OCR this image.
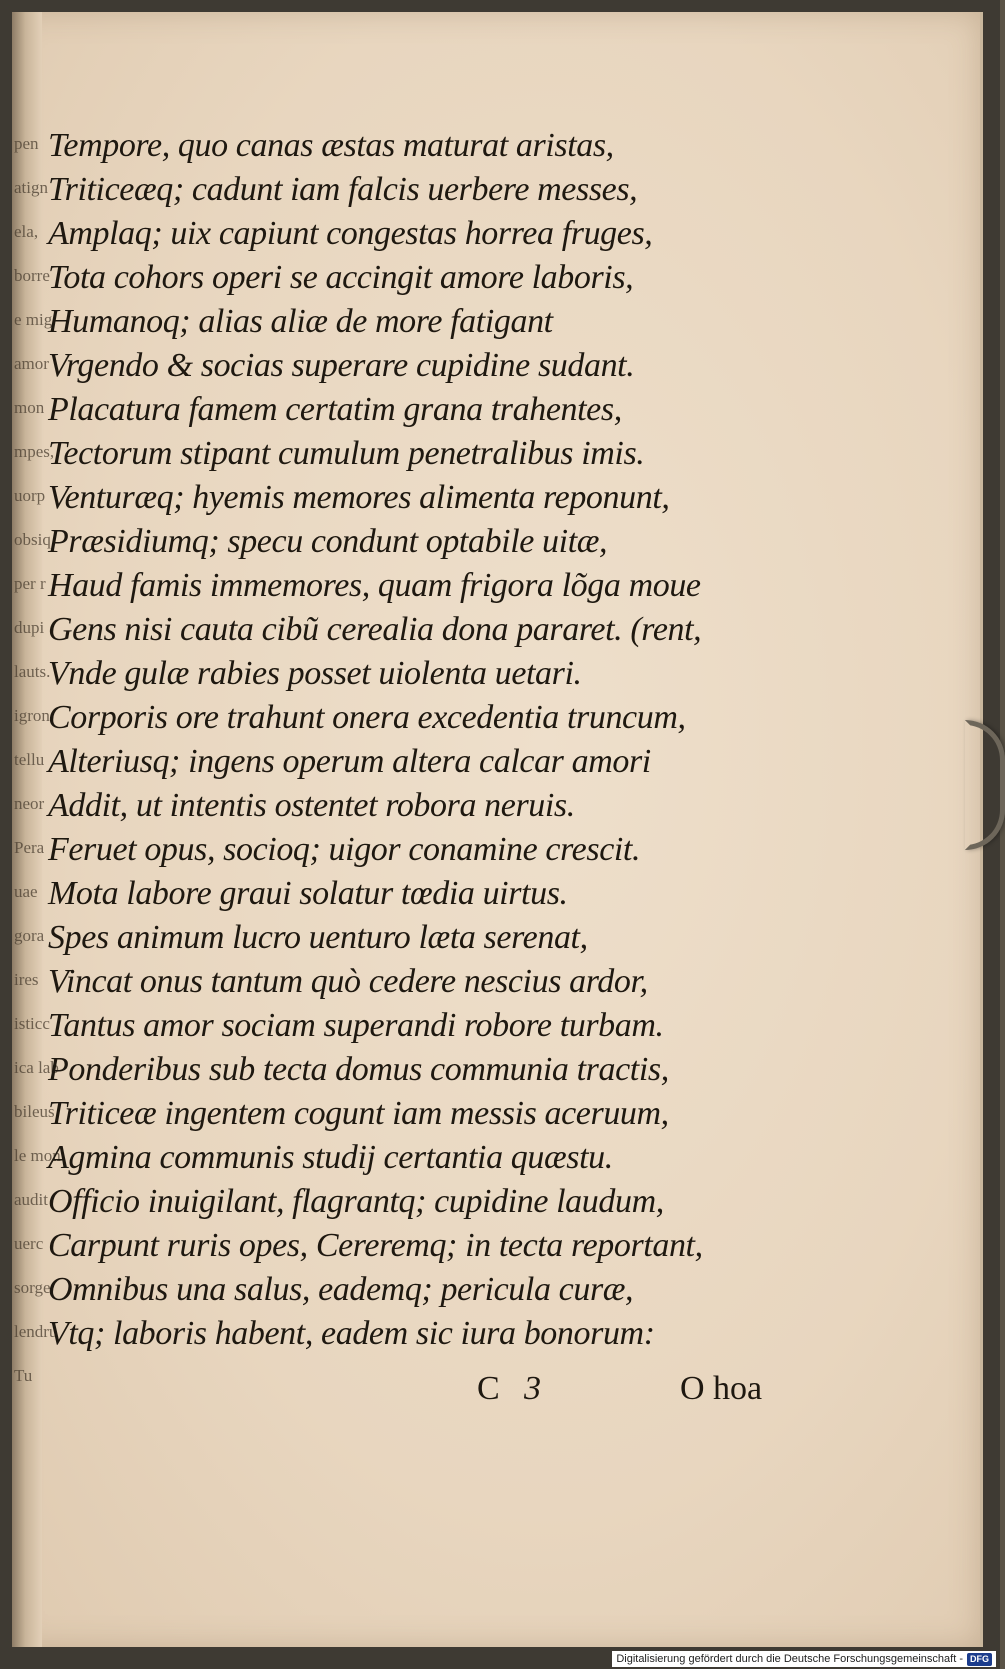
pen
atign
ela,
borre
e mig
amor
mon
mpes,
uorp
obsiq
per r
dupi
lauts.
igron
tellu
neor
Pera
uae
gora
ires
isticc
ica lab
bileus
le mon
audit
uerc
sorge
lendru
Tu
Tempore, quo canas æstas maturat aristas,
Triticeæq; cadunt iam falcis uerbere messes,
Amplaq; uix capiunt congestas horrea fruges,
Tota cohors operi se accingit amore laboris,
Humanoq; alias aliæ de more fatigant
Vrgendo & socias superare cupidine sudant.
Placatura famem certatim grana trahentes,
Tectorum stipant cumulum penetralibus imis.
Venturæq; hyemis memores alimenta reponunt,
Præsidiumq; specu condunt optabile uitæ,
Haud famis immemores, quam frigora lõga moue
Gens nisi cauta cibũ cerealia dona pararet. (rent,
Vnde gulæ rabies posset uiolenta uetari.
Corporis ore trahunt onera excedentia truncum,
Alteriusq; ingens operum altera calcar amori
Addit, ut intentis ostentet robora neruis.
Feruet opus, socioq; uigor conamine crescit.
Mota labore graui solatur tœdia uirtus.
Spes animum lucro uenturo læta serenat,
Vincat onus tantum quò cedere nescius ardor,
Tantus amor sociam superandi robore turbam.
Ponderibus sub tecta domus communia tractis,
Triticeæ ingentem cogunt iam messis aceruum,
Agmina communis studij certantia quæstu.
Officio inuigilant, flagrantq; cupidine laudum,
Carpunt ruris opes, Cereremq; in tecta reportant,
Omnibus una salus, eademq; pericula curæ,
Vtq; laboris habent, eadem sic iura bonorum:
C 3	O hoa
Digitalisierung gefördert durch die Deutsche Forschungsgemeinschaft - DFG
